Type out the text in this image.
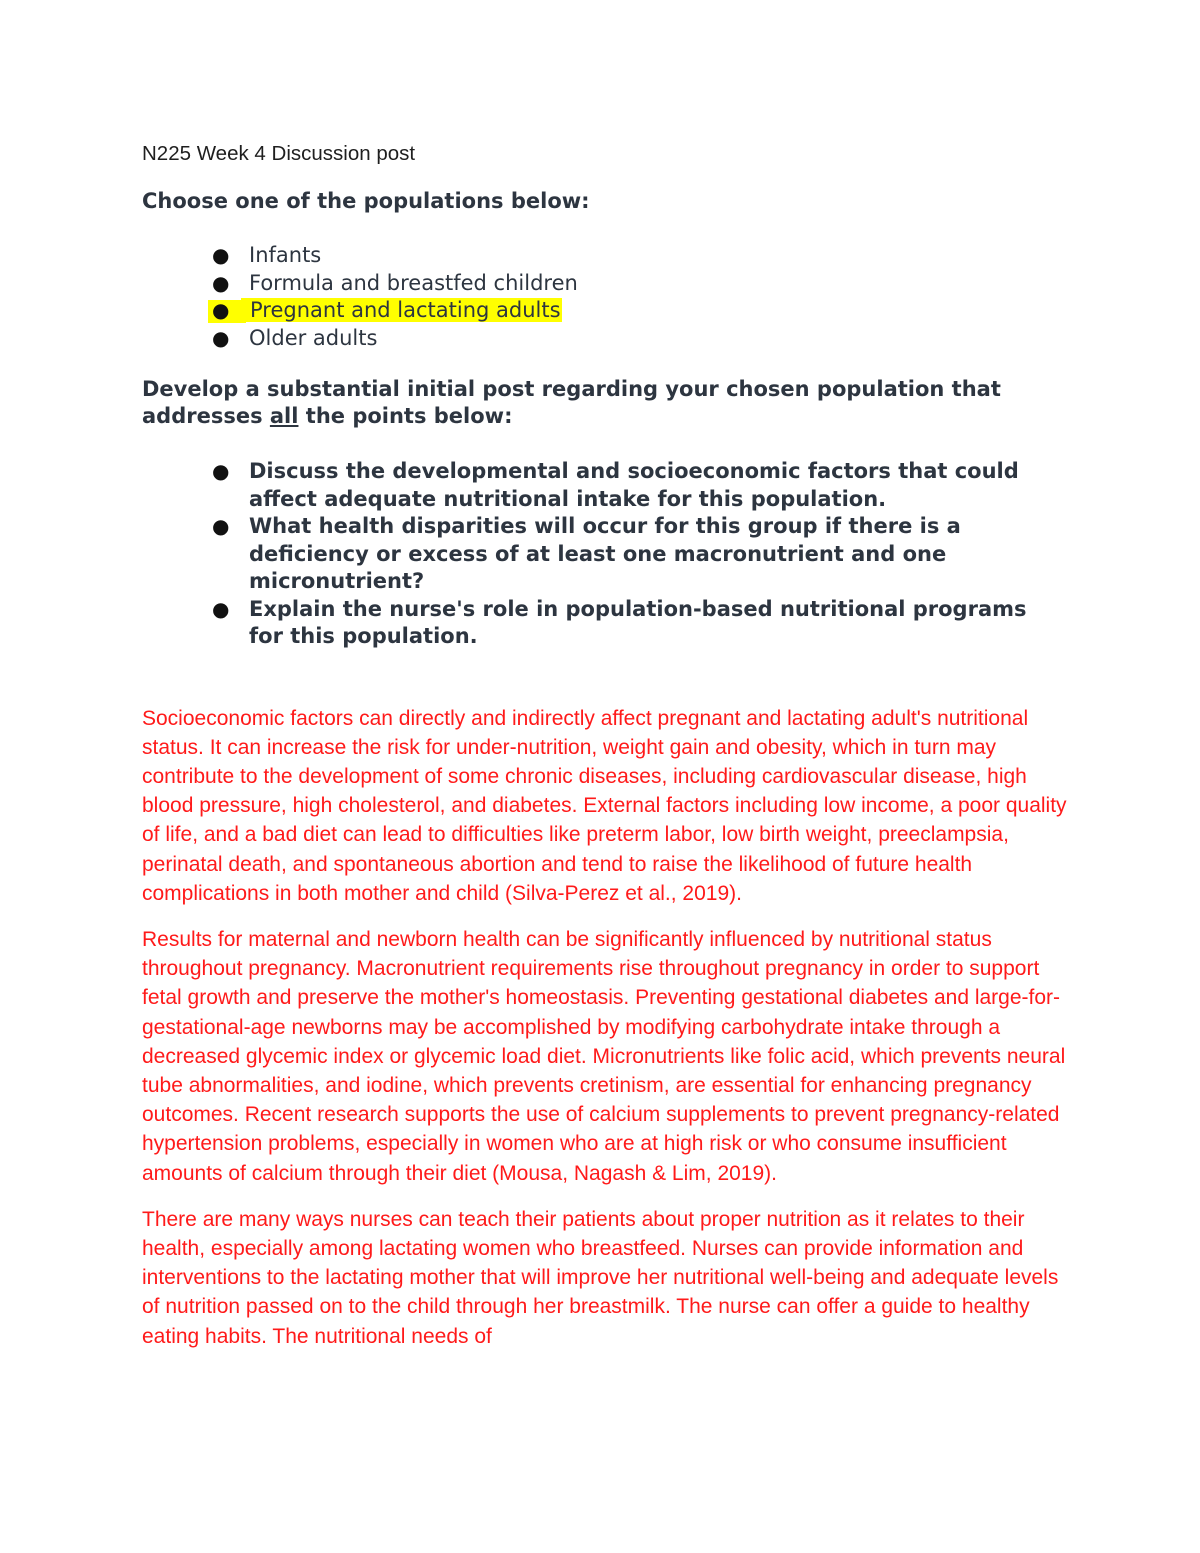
N225 Week 4 Discussion post

Choose one of the populations below:

● Infants
● Formula and breastfed children
● Pregnant and lactating adults
● Older adults

Develop a substantial initial post regarding your chosen population that addresses all the points below:

● Discuss the developmental and socioeconomic factors that could affect adequate nutritional intake for this population.
● What health disparities will occur for this group if there is a deficiency or excess of at least one macronutrient and one micronutrient?
● Explain the nurse's role in population-based nutritional programs for this population.

Socioeconomic factors can directly and indirectly affect pregnant and lactating adult's nutritional status. It can increase the risk for under-nutrition, weight gain and obesity, which in turn may contribute to the development of some chronic diseases, including cardiovascular disease, high blood pressure, high cholesterol, and diabetes. External factors including low income, a poor quality of life, and a bad diet can lead to difficulties like preterm labor, low birth weight, preeclampsia, perinatal death, and spontaneous abortion and tend to raise the likelihood of future health complications in both mother and child (Silva-Perez et al., 2019).

Results for maternal and newborn health can be significantly influenced by nutritional status throughout pregnancy. Macronutrient requirements rise throughout pregnancy in order to support fetal growth and preserve the mother's homeostasis. Preventing gestational diabetes and large-for-gestational-age newborns may be accomplished by modifying carbohydrate intake through a decreased glycemic index or glycemic load diet. Micronutrients like folic acid, which prevents neural tube abnormalities, and iodine, which prevents cretinism, are essential for enhancing pregnancy outcomes. Recent research supports the use of calcium supplements to prevent pregnancy-related hypertension problems, especially in women who are at high risk or who consume insufficient amounts of calcium through their diet (Mousa, Nagash & Lim, 2019).

There are many ways nurses can teach their patients about proper nutrition as it relates to their health, especially among lactating women who breastfeed. Nurses can provide information and interventions to the lactating mother that will improve her nutritional well-being and adequate levels of nutrition passed on to the child through her breastmilk. The nurse can offer a guide to healthy eating habits. The nutritional needs of
